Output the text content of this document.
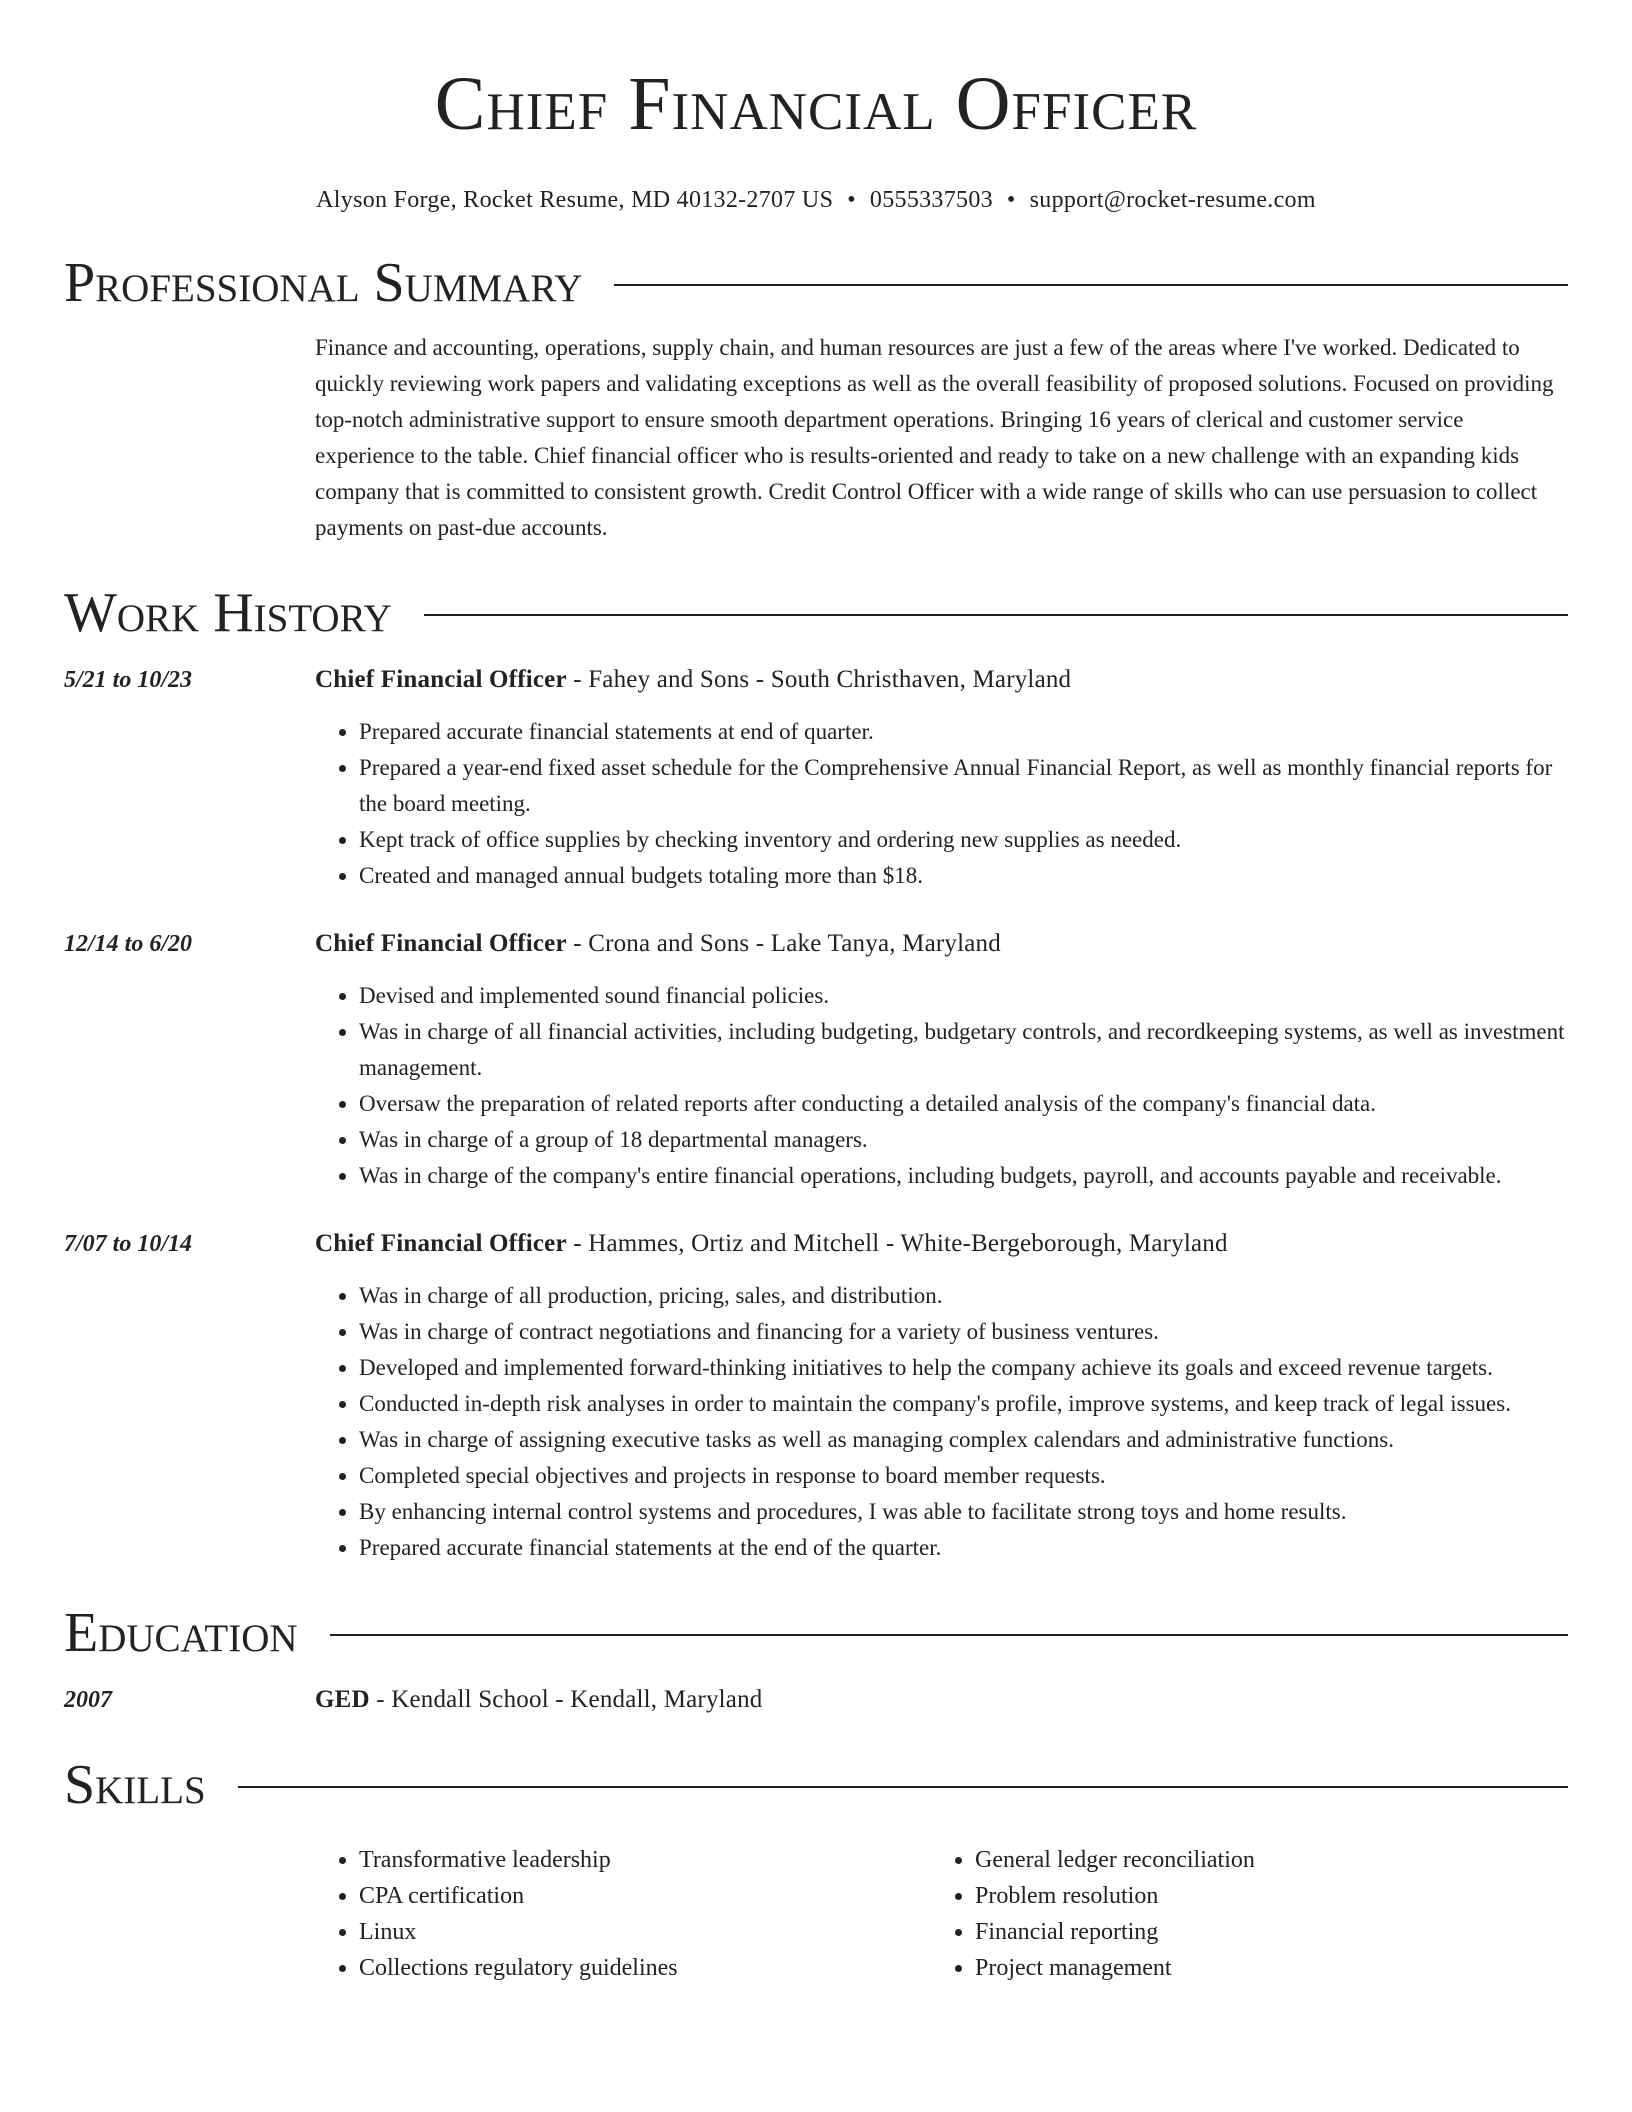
Chief Financial Officer
Alyson Forge, Rocket Resume, MD 40132-2707 US • 0555337503 • support@rocket-resume.com
Professional Summary
Finance and accounting, operations, supply chain, and human resources are just a few of the areas where I've worked. Dedicated to quickly reviewing work papers and validating exceptions as well as the overall feasibility of proposed solutions. Focused on providing top-notch administrative support to ensure smooth department operations. Bringing 16 years of clerical and customer service experience to the table. Chief financial officer who is results-oriented and ready to take on a new challenge with an expanding kids company that is committed to consistent growth. Credit Control Officer with a wide range of skills who can use persuasion to collect payments on past-due accounts.
Work History
5/21 to 10/23	Chief Financial Officer - Fahey and Sons - South Christhaven, Maryland
• Prepared accurate financial statements at end of quarter.
• Prepared a year-end fixed asset schedule for the Comprehensive Annual Financial Report, as well as monthly financial reports for the board meeting.
• Kept track of office supplies by checking inventory and ordering new supplies as needed.
• Created and managed annual budgets totaling more than $18.
12/14 to 6/20	Chief Financial Officer - Crona and Sons - Lake Tanya, Maryland
• Devised and implemented sound financial policies.
• Was in charge of all financial activities, including budgeting, budgetary controls, and recordkeeping systems, as well as investment management.
• Oversaw the preparation of related reports after conducting a detailed analysis of the company's financial data.
• Was in charge of a group of 18 departmental managers.
• Was in charge of the company's entire financial operations, including budgets, payroll, and accounts payable and receivable.
7/07 to 10/14	Chief Financial Officer - Hammes, Ortiz and Mitchell - White-Bergeborough, Maryland
• Was in charge of all production, pricing, sales, and distribution.
• Was in charge of contract negotiations and financing for a variety of business ventures.
• Developed and implemented forward-thinking initiatives to help the company achieve its goals and exceed revenue targets.
• Conducted in-depth risk analyses in order to maintain the company's profile, improve systems, and keep track of legal issues.
• Was in charge of assigning executive tasks as well as managing complex calendars and administrative functions.
• Completed special objectives and projects in response to board member requests.
• By enhancing internal control systems and procedures, I was able to facilitate strong toys and home results.
• Prepared accurate financial statements at the end of the quarter.
Education
2007	GED - Kendall School - Kendall, Maryland
Skills
• Transformative leadership
• CPA certification
• Linux
• Collections regulatory guidelines
• General ledger reconciliation
• Problem resolution
• Financial reporting
• Project management
